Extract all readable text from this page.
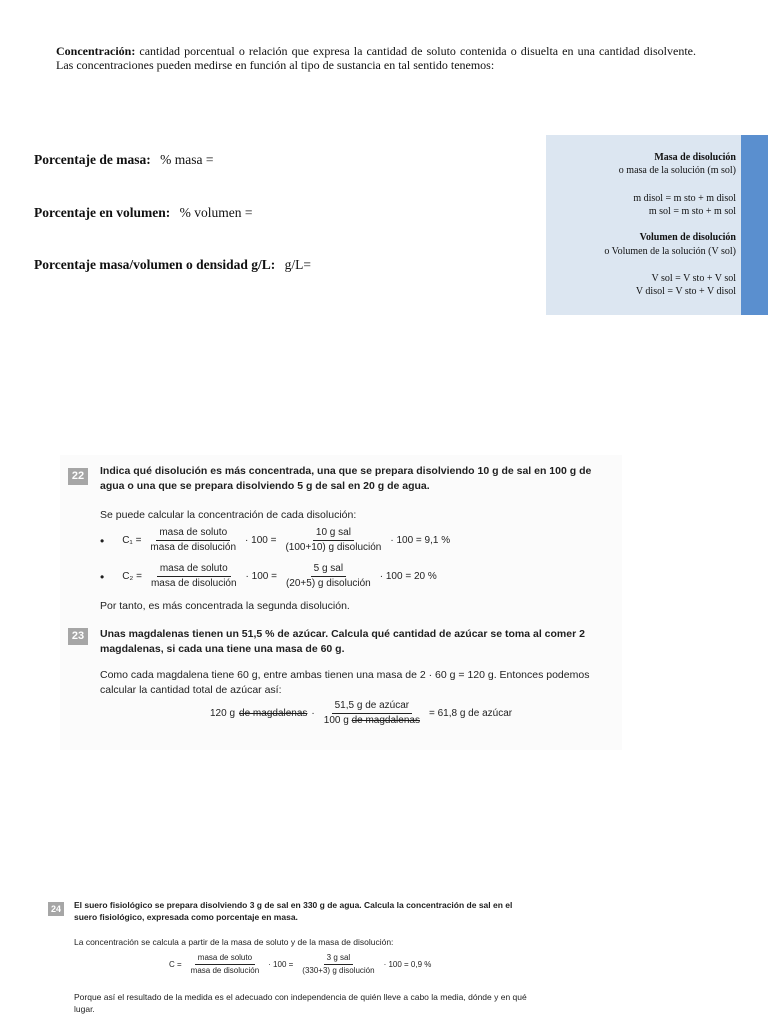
Concentración: cantidad porcentual o relación que expresa la cantidad de soluto contenida o disuelta en una cantidad disolvente. Las concentraciones pueden medirse en función al tipo de sustancia en tal sentido tenemos:
Porcentaje de masa: % masa =
Porcentaje en volumen: % volumen =
Porcentaje masa/volumen o densidad g/L: g/L=
Masa de disolución
o masa de la solución (m sol)
m disol = m sto + m disol
m sol = m sto + m sol
Volumen de disolución
o Volumen de la solución (V sol)
V sol = V sto + V sol
V disol = V sto + V disol
22	Indica qué disolución es más concentrada, una que se prepara disolviendo 10 g de sal en 100 g de agua o una que se prepara disolviendo 5 g de sal en 20 g de agua.
Se puede calcular la concentración de cada disolución:
• $C_1 = \frac{\text{masa de soluto}}{\text{masa de disolución}} \cdot 100 = \frac{\text{10 g sal}}{\text{(100+10) g disolución}} \cdot 100 = 9,1$ %
• $C_2 = \frac{\text{masa de soluto}}{\text{masa de disolución}} \cdot 100 = \frac{\text{5 g sal}}{\text{(20+5) g disolución}} \cdot 100 = 20$ %
Por tanto, es más concentrada la segunda disolución.
23	Unas magdalenas tienen un 51,5 % de azúcar. Calcula qué cantidad de azúcar se toma al comer 2 magdalenas, si cada una tiene una masa de 60 g.
Como cada magdalena tiene 60 g, entre ambas tienen una masa de 2 · 60 g = 120 g. Entonces podemos calcular la cantidad total de azúcar así:
120 g de magdalenas · $\frac{\text{51,5 g de azúcar}}{\text{100 g de magdalenas}} = 61,8$ g de azúcar
24	El suero fisiológico se prepara disolviendo 3 g de sal en 330 g de agua. Calcula la concentración de sal en el suero fisiológico, expresada como porcentaje en masa.
La concentración se calcula a partir de la masa de soluto y de la masa de disolución:
$C = \frac{\text{masa de soluto}}{\text{masa de disolución}} \cdot 100 = \frac{\text{3 g sal}}{\text{(330+3) g disolución}} \cdot 100 = 0,9$ %
Porque así el resultado de la medida es el adecuado con independencia de quién lleve a cabo la media, dónde y en qué lugar.
